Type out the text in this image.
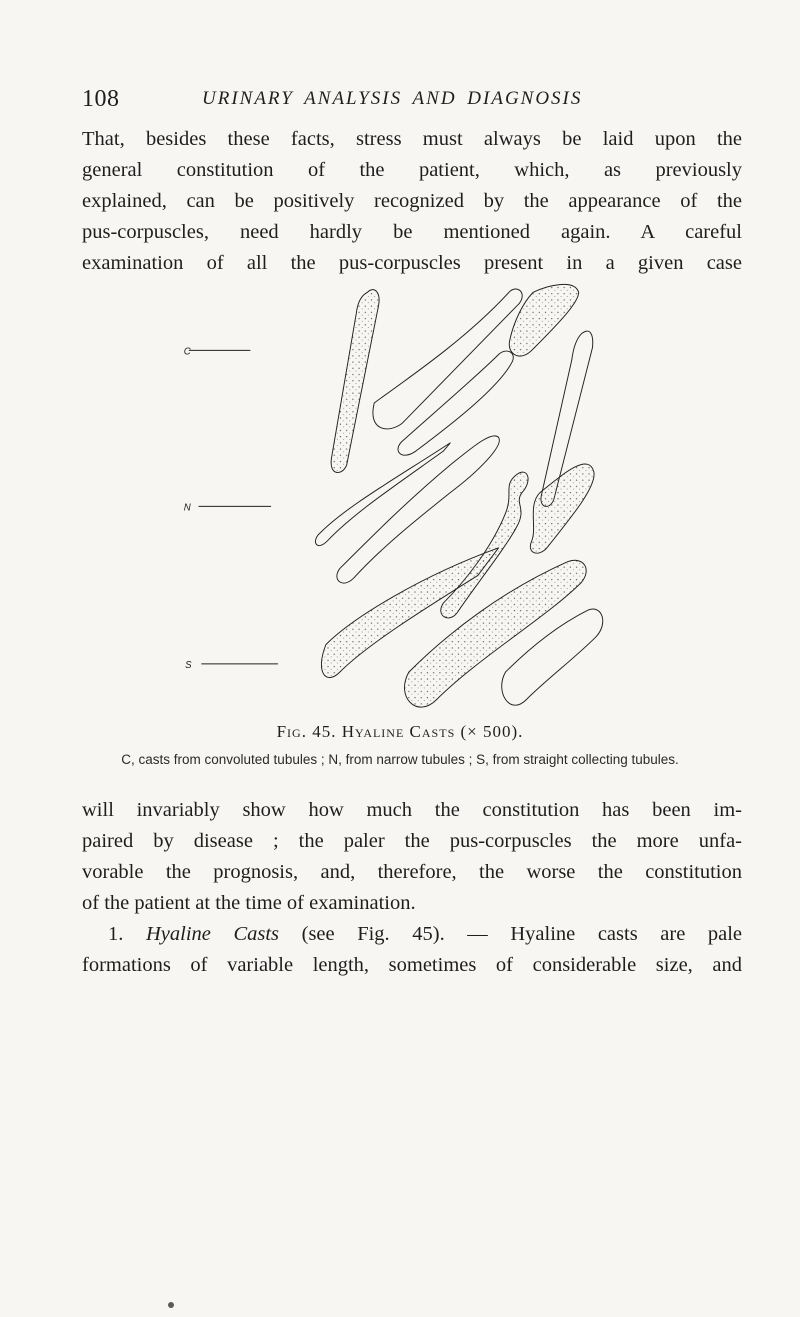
108	URINARY ANALYSIS AND DIAGNOSIS
That, besides these facts, stress must always be laid upon the
general constitution of the patient, which, as previously
explained, can be positively recognized by the appearance of the
pus-corpuscles, need hardly be mentioned again. A careful
examination of all the pus-corpuscles present in a given case
C
N
S
Fig. 45. Hyaline Casts (× 500).
C, casts from convoluted tubules ; N, from narrow tubules ; S, from straight collecting tubules.
will invariably show how much the constitution has been im-
paired by disease ; the paler the pus-corpuscles the more unfa-
vorable the prognosis, and, therefore, the worse the constitution
of the patient at the time of examination.
1. Hyaline Casts (see Fig. 45). — Hyaline casts are pale
formations of variable length, sometimes of considerable size, and
